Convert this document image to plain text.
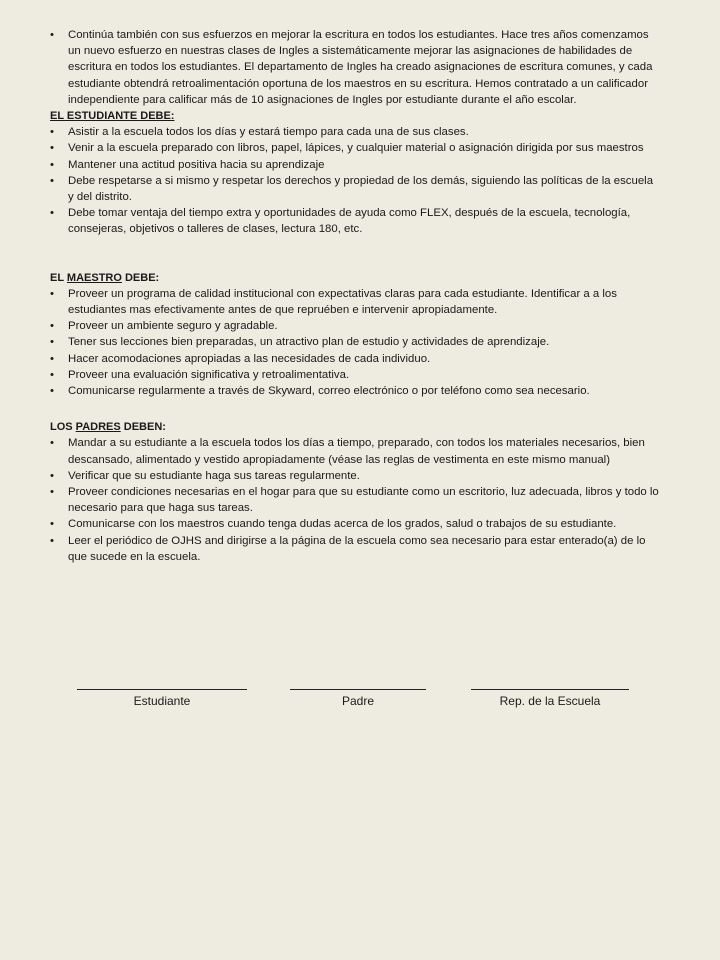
•	Continúa también con sus esfuerzos en mejorar la escritura en todos los estudiantes. Hace tres años comenzamos un nuevo esfuerzo en nuestras clases de Ingles a sistemáticamente mejorar las asignaciones de habilidades de escritura en todos los estudiantes. El departamento de Ingles ha creado asignaciones de escritura comunes, y cada estudiante obtendrá retroalimentación oportuna de los maestros en su escritura. Hemos contratado a un calificador independiente para calificar más de 10 asignaciones de Ingles por estudiante durante el año escolar.
EL ESTUDIANTE DEBE:
•	Asistir a la escuela todos los días y estará tiempo para cada una de sus clases.
•	Venir a la escuela preparado con libros, papel, lápices, y cualquier material o asignación dirigida por sus maestros
•	Mantener una actitud positiva hacia su aprendizaje
•	Debe respetarse a si mismo y respetar los derechos y propiedad de los demás, siguiendo las políticas de la escuela y del distrito.
•	Debe tomar ventaja del tiempo extra y oportunidades de ayuda como FLEX, después de la escuela, tecnología, consejeras, objetivos o talleres de clases, lectura 180, etc.
EL MAESTRO DEBE:
•	Proveer un programa de calidad institucional con expectativas claras para cada estudiante. Identificar a a los estudiantes mas efectivamente antes de que repruében e intervenir apropiadamente.
•	Proveer un ambiente seguro y agradable.
•	Tener sus lecciones bien preparadas, un atractivo plan de estudio y actividades de aprendizaje.
•	Hacer acomodaciones apropiadas a las necesidades de cada individuo.
•	Proveer una evaluación significativa y retroalimentativa.
•	Comunicarse regularmente a través de Skyward, correo electrónico o por teléfono como sea necesario.
LOS PADRES DEBEN:
•	Mandar a su estudiante a la escuela todos los días a tiempo, preparado, con todos los materiales necesarios, bien descansado, alimentado y vestido apropiadamente (véase las reglas de vestimenta en este mismo manual)
•	Verificar que su estudiante haga sus tareas regularmente.
•	Proveer condiciones necesarias en el hogar para que su estudiante como un escritorio, luz adecuada, libros y todo lo necesario para que haga sus tareas.
•	Comunicarse con los maestros cuando tenga dudas acerca de los grados, salud o trabajos de su estudiante.
•	Leer el periódico de OJHS and dirigirse a la página de la escuela como sea necesario para estar enterado(a) de lo que sucede en la escuela.
Estudiante	Padre	Rep. de la Escuela
